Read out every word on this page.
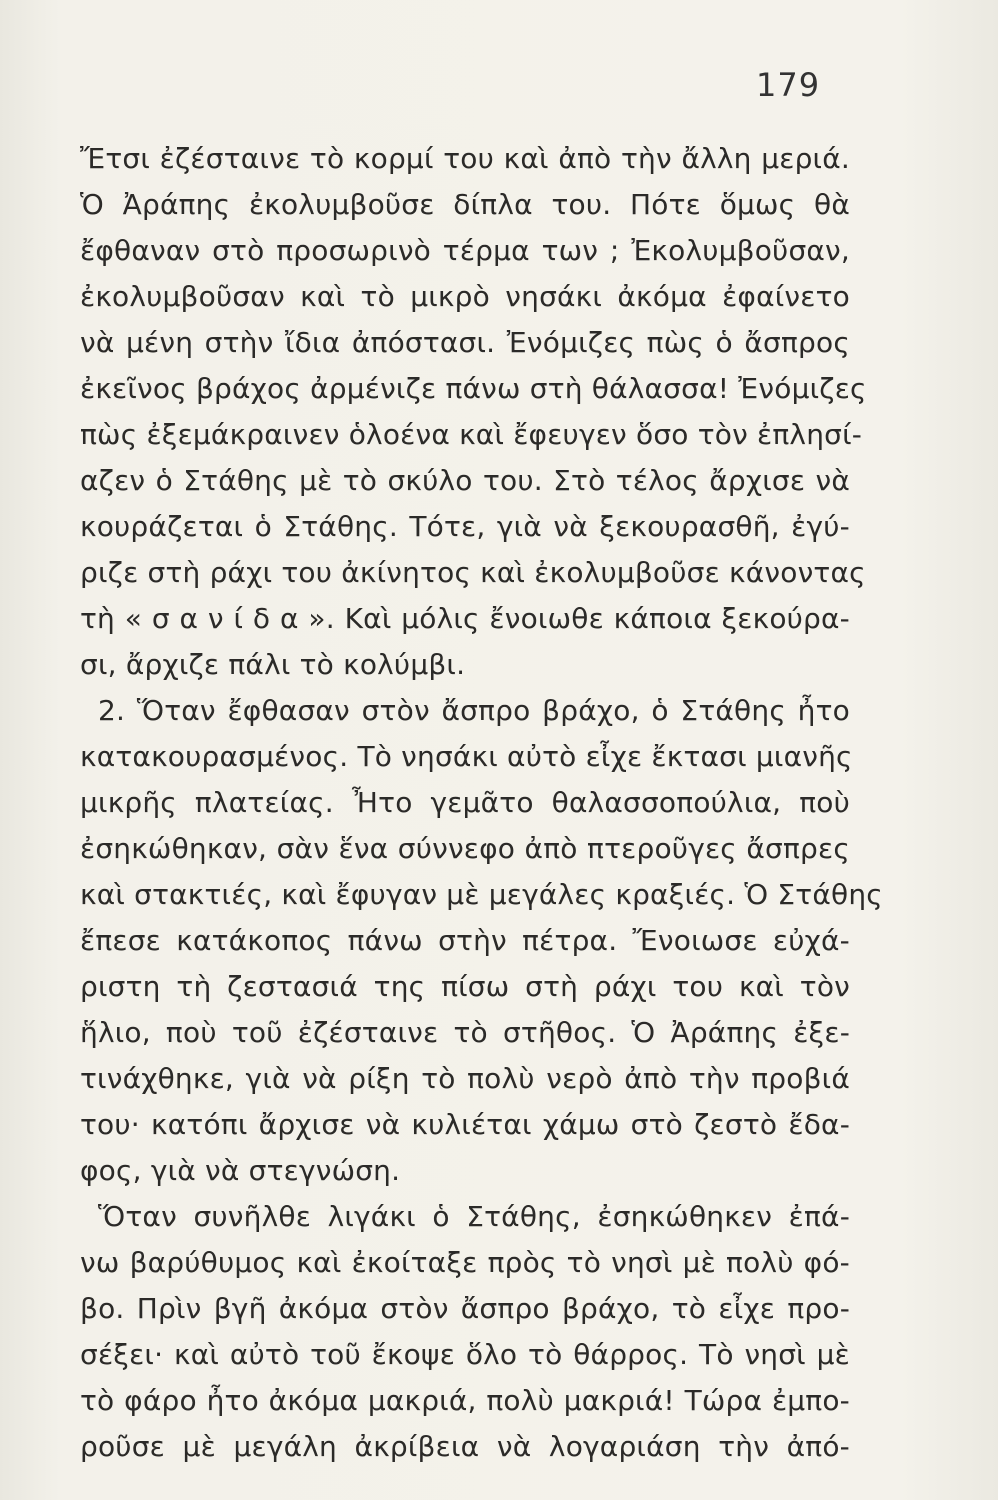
179
Ἔτσι ἐζέσταινε τὸ κορμί του καὶ ἀπὸ τὴν ἄλλη μεριά.
Ὁ Ἀράπης ἐκολυμβοῦσε δίπλα του. Πότε ὅμως θὰ
ἔφθαναν στὸ προσωρινὸ τέρμα των ; Ἐκολυμβοῦσαν,
ἐκολυμβοῦσαν καὶ τὸ μικρὸ νησάκι ἀκόμα ἐφαίνετο
νὰ μένη στὴν ἴδια ἀπόστασι. Ἐνόμιζες πὼς ὁ ἄσπρος
ἐκεῖνος βράχος ἀρμένιζε πάνω στὴ θάλασσα! Ἐνόμιζες
πὼς ἐξεμάκραινεν ὁλοένα καὶ ἔφευγεν ὅσο τὸν ἐπλησί-
αζεν ὁ Στάθης μὲ τὸ σκύλο του. Στὸ τέλος ἄρχισε νὰ
κουράζεται ὁ Στάθης. Τότε, γιὰ νὰ ξεκουρασθῆ, ἐγύ-
ριζε στὴ ράχι του ἀκίνητος καὶ ἐκολυμβοῦσε κάνοντας
τὴ « σ α ν ί δ α ». Καὶ μόλις ἔνοιωθε κάποια ξεκούρα-
σι, ἄρχιζε πάλι τὸ κολύμβι.
2. Ὅταν ἔφθασαν στὸν ἄσπρο βράχο, ὁ Στάθης ἦτο
κατακουρασμένος. Τὸ νησάκι αὐτὸ εἶχε ἔκτασι μιανῆς
μικρῆς πλατείας. Ἦτο γεμᾶτο θαλασσοπούλια, ποὺ
ἐσηκώθηκαν, σὰν ἕνα σύννεφο ἀπὸ πτεροῦγες ἄσπρες
καὶ στακτιές, καὶ ἔφυγαν μὲ μεγάλες κραξιές. Ὁ Στάθης
ἔπεσε κατάκοπος πάνω στὴν πέτρα. Ἔνοιωσε εὐχά-
ριστη τὴ ζεστασιά της πίσω στὴ ράχι του καὶ τὸν
ἥλιο, ποὺ τοῦ ἐζέσταινε τὸ στῆθος. Ὁ Ἀράπης ἐξε-
τινάχθηκε, γιὰ νὰ ρίξη τὸ πολὺ νερὸ ἀπὸ τὴν προβιά
του· κατόπι ἄρχισε νὰ κυλιέται χάμω στὸ ζεστὸ ἔδα-
φος, γιὰ νὰ στεγνώση.
Ὅταν συνῆλθε λιγάκι ὁ Στάθης, ἐσηκώθηκεν ἐπά-
νω βαρύθυμος καὶ ἐκοίταξε πρὸς τὸ νησὶ μὲ πολὺ φό-
βο. Πρὶν βγῆ ἀκόμα στὸν ἄσπρο βράχο, τὸ εἶχε προ-
σέξει· καὶ αὐτὸ τοῦ ἔκοψε ὅλο τὸ θάρρος. Τὸ νησὶ μὲ
τὸ φάρο ἦτο ἀκόμα μακριά, πολὺ μακριά! Τώρα ἐμπο-
ροῦσε μὲ μεγάλη ἀκρίβεια νὰ λογαριάση τὴν ἀπό-
